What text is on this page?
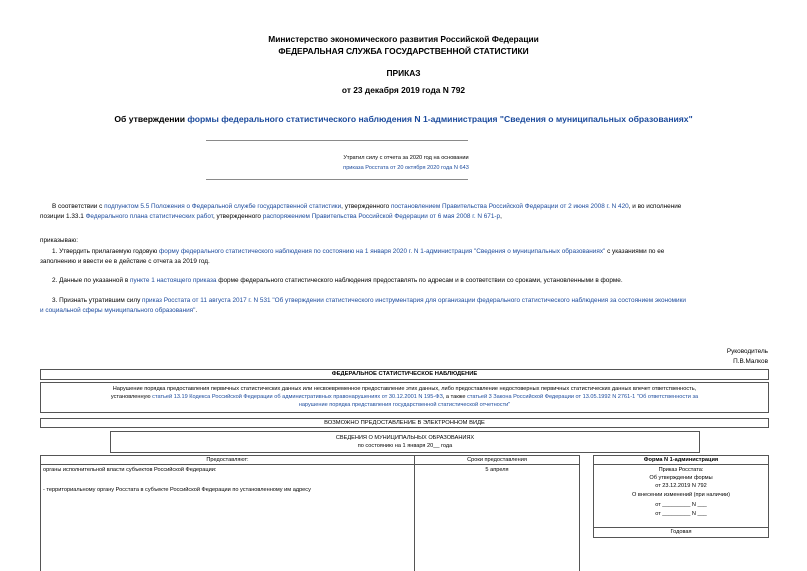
Министерство экономического развития Российской Федерации
ФЕДЕРАЛЬНАЯ СЛУЖБА ГОСУДАРСТВЕННОЙ СТАТИСТИКИ
ПРИКАЗ
от 23 декабря 2019 года N 792
Об утверждении формы федерального статистического наблюдения N 1-администрация "Сведения о муниципальных образованиях"
Утратил силу с отчета за 2020 год на основании
приказа Росстата от 20 октября 2020 года N 643
В соответствии с подпунктом 5.5 Положения о Федеральной службе государственной статистики, утвержденного постановлением Правительства Российской Федерации от 2 июня 2008 г. N 420, и во исполнение
позиции 1.33.1 Федерального плана статистических работ, утвержденного распоряжением Правительства Российской Федерации от 6 мая 2008 г. N 671-р,
приказываю:
1. Утвердить прилагаемую годовую форму федерального статистического наблюдения по состоянию на 1 января 2020 г. N 1-администрация "Сведения о муниципальных образованиях" с указаниями по ее
заполнению и ввести ее в действие с отчета за 2019 год.
2. Данные по указанной в пункте 1 настоящего приказа форме федерального статистического наблюдения предоставлять по адресам и в соответствии со сроками, установленными в форме.
3. Признать утратившим силу приказ Росстата от 11 августа 2017 г. N 531 "Об утверждении статистического инструментария для организации федерального статистического наблюдения за состоянием экономики
и социальной сферы муниципального образования".
Руководитель
П.В.Малков
ФЕДЕРАЛЬНОЕ СТАТИСТИЧЕСКОЕ НАБЛЮДЕНИЕ
Нарушение порядка предоставления первичных статистических данных или несвоевременное предоставление этих данных, либо предоставление недостоверных первичных статистических данных влечет ответственность,
установленную статьей 13.19 Кодекса Российской Федерации об административных правонарушениях от 30.12.2001 N 195-ФЗ, а также статьей 3 Закона Российской Федерации от 13.05.1992 N 2761-1 "Об ответственности за
нарушение порядка представления государственной статистической отчетности"
ВОЗМОЖНО ПРЕДОСТАВЛЕНИЕ В ЭЛЕКТРОННОМ ВИДЕ
СВЕДЕНИЯ О МУНИЦИПАЛЬНЫХ ОБРАЗОВАНИЯХ
по состоянию на 1 января 20__ года
Предоставляют:	Сроки предоставления	Форма N 1-администрация
органы исполнительной власти субъектов Российской Федерации:
- территориальному органу Росстата в субъекте Российской Федерации по установленному им адресу
5 апреля	Приказ Росстата:
Об утверждении формы
от 23.12.2019 N 792
О внесении изменений (при наличии)
от _________ N ___
от _________ N ___
Годовая
